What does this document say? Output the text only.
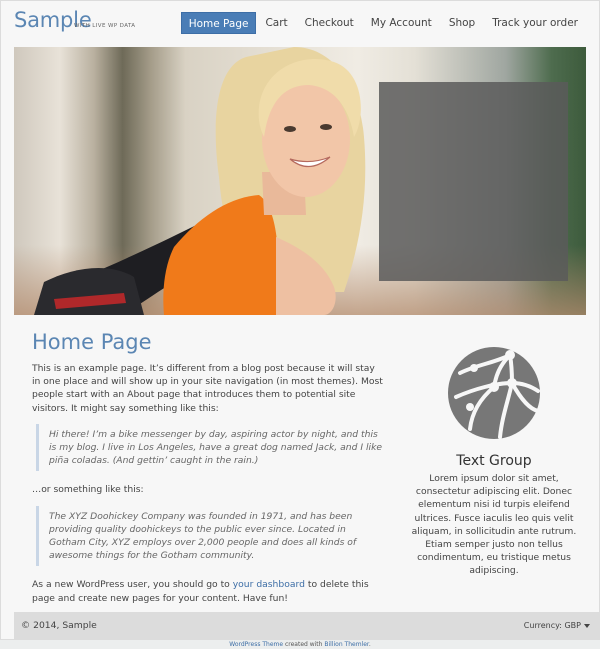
Sample
WITH LIVE WP DATA	Home Page	Cart	Checkout	My Account	Shop	Track your order
Home Page

This is an example page. It’s different from a blog post because it will stay in one place and will show up in your site navigation (in most themes). Most people start with an About page that introduces them to potential site visitors. It might say something like this:

Hi there! I’m a bike messenger by day, aspiring actor by night, and this is my blog. I live in Los Angeles, have a great dog named Jack, and I like piña coladas. (And gettin’ caught in the rain.)

…or something like this:

The XYZ Doohickey Company was founded in 1971, and has been providing quality doohickeys to the public ever since. Located in Gotham City, XYZ employs over 2,000 people and does all kinds of awesome things for the Gotham community.

As a new WordPress user, you should go to your dashboard to delete this page and create new pages for your content. Have fun!

Text Group
Lorem ipsum dolor sit amet, consectetur adipiscing elit. Donec elementum nisi id turpis eleifend ultrices. Fusce iaculis leo quis velit aliquam, in sollicitudin ante rutrum. Etiam semper justo non tellus condimentum, eu tristique metus adipiscing.
© 2014, Sample	Currency: GBP
WordPress Theme created with Billion Themler.
